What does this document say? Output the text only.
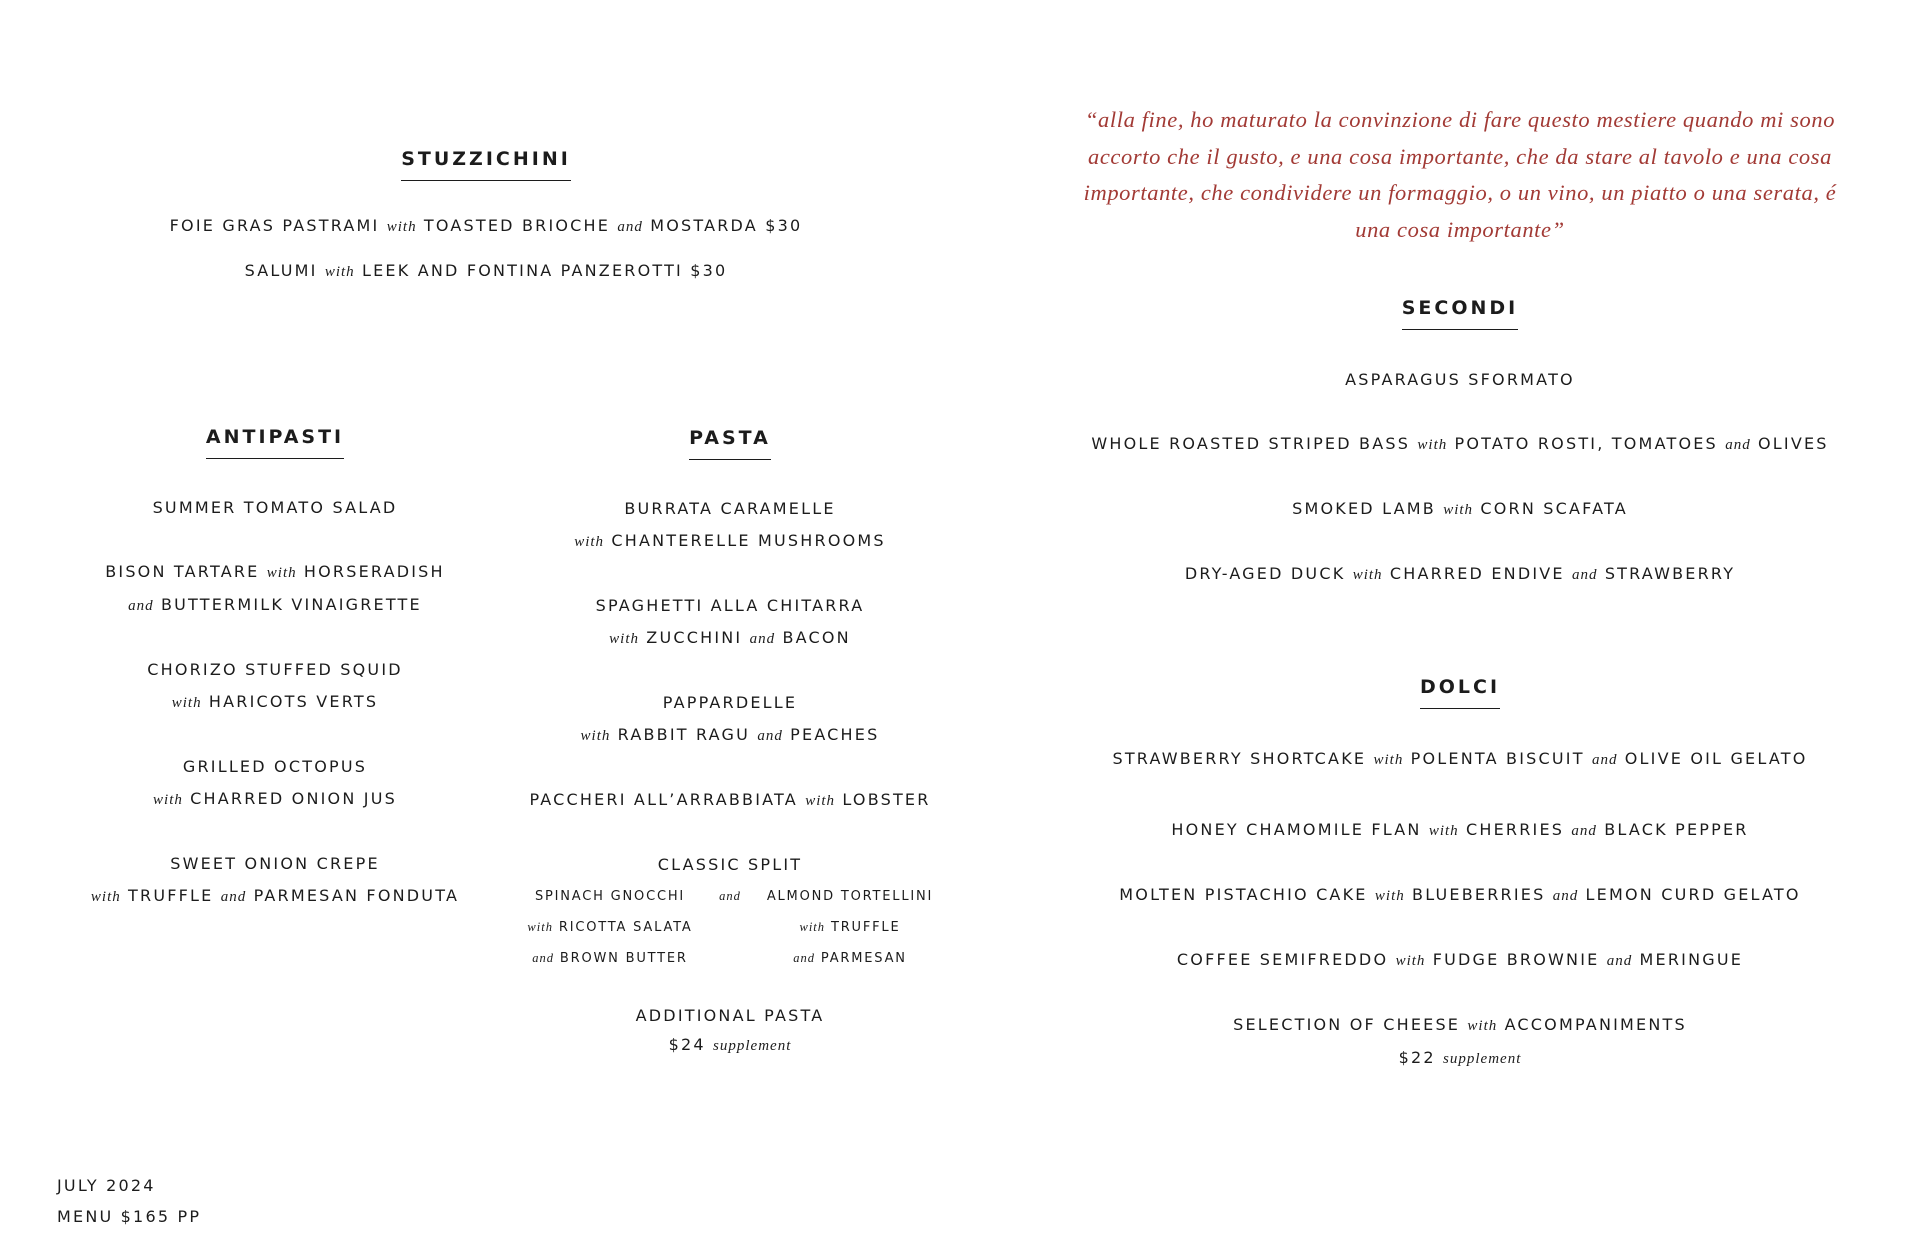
STUZZICHINI
FOIE GRAS PASTRAMI with TOASTED BRIOCHE and MOSTARDA $30
SALUMI with LEEK AND FONTINA PANZEROTTI $30
ANTIPASTI
SUMMER TOMATO SALAD
BISON TARTARE with HORSERADISH
and BUTTERMILK VINAIGRETTE
CHORIZO STUFFED SQUID
with HARICOTS VERTS
GRILLED OCTOPUS
with CHARRED ONION JUS
SWEET ONION CREPE
with TRUFFLE and PARMESAN FONDUTA
PASTA
BURRATA CARAMELLE
with CHANTERELLE MUSHROOMS
SPAGHETTI ALLA CHITARRA
with ZUCCHINI and BACON
PAPPARDELLE
with RABBIT RAGU and PEACHES
PACCHERI ALL’ARRABBIATA with LOBSTER
CLASSIC SPLIT
SPINACH GNOCCHI
with RICOTTA SALATA
and BROWN BUTTER
and	ALMOND TORTELLINI
with TRUFFLE
and PARMESAN
ADDITIONAL PASTA
$24 supplement

“alla fine, ho maturato la convinzione di fare questo mestiere quando mi sono accorto che il gusto, e una cosa importante, che da stare al tavolo e una cosa importante, che condividere un formaggio, o un vino, un piatto o una serata, é una cosa importante”

SECONDI
ASPARAGUS SFORMATO
WHOLE ROASTED STRIPED BASS with POTATO ROSTI, TOMATOES and OLIVES
SMOKED LAMB with CORN SCAFATA
DRY-AGED DUCK with CHARRED ENDIVE and STRAWBERRY
DOLCI
STRAWBERRY SHORTCAKE with POLENTA BISCUIT and OLIVE OIL GELATO
HONEY CHAMOMILE FLAN with CHERRIES and BLACK PEPPER
MOLTEN PISTACHIO CAKE with BLUEBERRIES and LEMON CURD GELATO
COFFEE SEMIFREDDO with FUDGE BROWNIE and MERINGUE
SELECTION OF CHEESE with ACCOMPANIMENTS
$22 supplement
JULY 2024
MENU $165 PP
